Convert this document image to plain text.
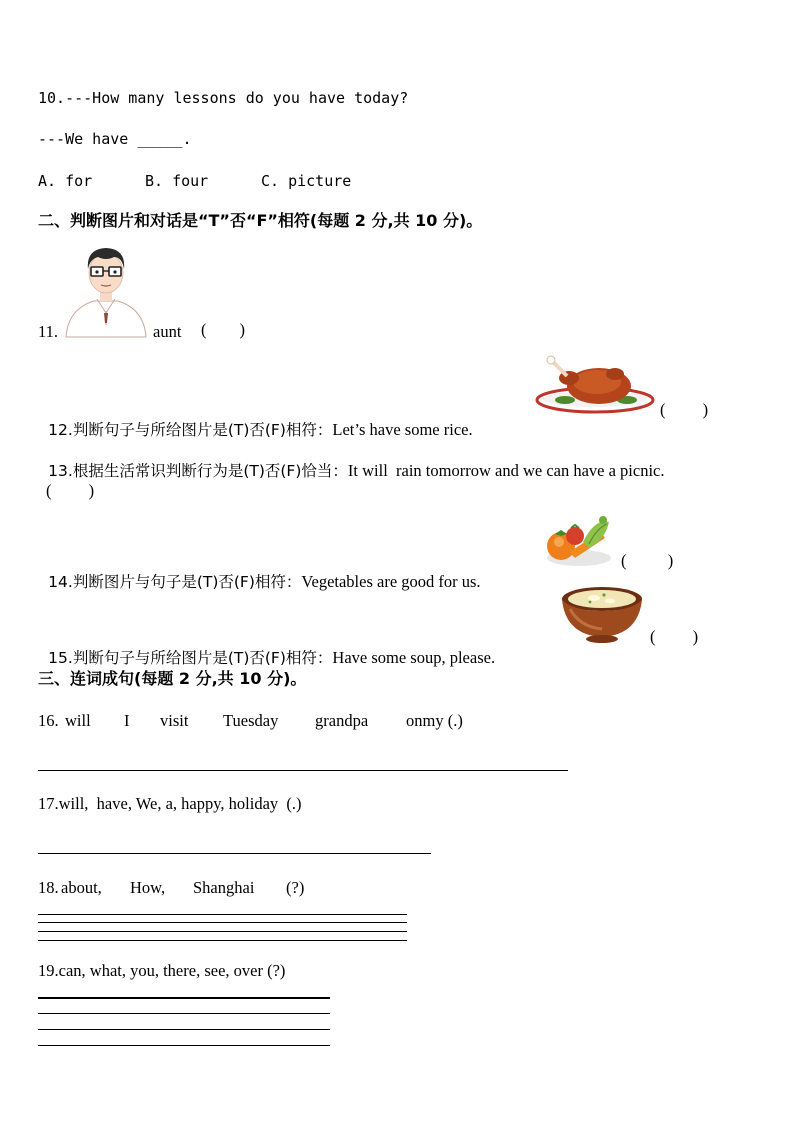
10.---How many lessons do you have today?
---We have _____.
A. for	B. four	C. picture
二、判断图片和对话是“T”否“F”相符(每题 2 分,共 10 分)。
11.	aunt (        )

12.判断句子与所给图片是(T)否(F)相符：Let’s have some rice.

(         )

13.根据生活常识判断行为是(T)否(F)恰当：It will  rain tomorrow and we can have a picnic.

(         )

14.判断图片与句子是(T)否(F)相符：Vegetables are good for us.

(          )

15.判断句子与所给图片是(T)否(F)相符：Have some soup, please.

(         )
三、连词成句(每题 2 分,共 10 分)。
16. will I visit Tuesday grandpa onmy (.)
17.will,  have, We, a, happy, holiday  (.)
18. about, How, Shanghai (?)
19.can, what, you, there, see, over (?)
